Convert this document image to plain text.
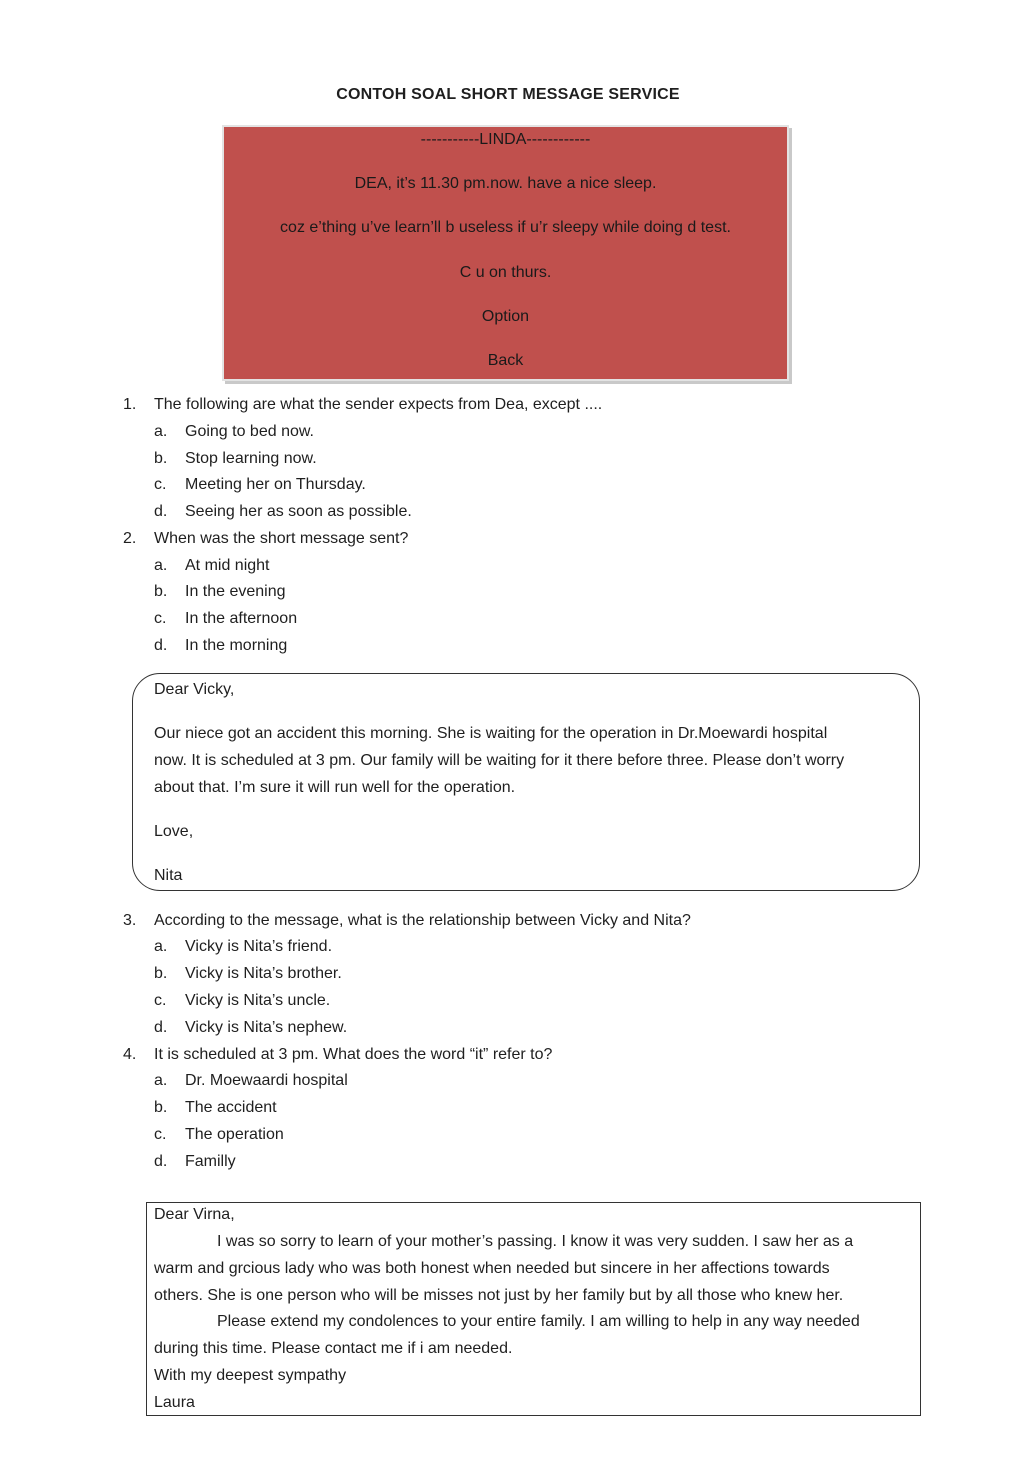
CONTOH SOAL SHORT MESSAGE SERVICE
-----------LINDA------------
DEA, it’s 11.30 pm.now. have a nice sleep.
coz e’thing u’ve learn’ll b useless if u’r sleepy while doing d test.
C u on thurs.
Option
Back
1. The following are what the sender expects from Dea, except ....
a. Going to bed now.
b. Stop learning now.
c. Meeting her on Thursday.
d. Seeing her as soon as possible.
2. When was the short message sent?
a. At mid night
b. In the evening
c. In the afternoon
d. In the morning
Dear Vicky,
Our niece got an accident this morning. She is waiting for the operation in Dr.Moewardi hospital
now. It is scheduled at 3 pm. Our family will be waiting for it there before three. Please don’t worry
about that. I’m sure it will run well for the operation.
Love,
Nita
3. According to the message, what is the relationship between Vicky and Nita?
a. Vicky is Nita’s friend.
b. Vicky is Nita’s brother.
c. Vicky is Nita’s uncle.
d. Vicky is Nita’s nephew.
4. It is scheduled at 3 pm. What does the word “it” refer to?
a. Dr. Moewaardi hospital
b. The accident
c. The operation
d. Familly
Dear Virna,
I was so sorry to learn of your mother’s passing. I know it was very sudden. I saw her as a
warm and grcious lady who was both honest when needed but sincere in her affections towards
others. She is one person who will be misses not just by her family but by all those who knew her.
Please extend my condolences to your entire family. I am willing to help in any way needed
during this time. Please contact me if i am needed.
With my deepest sympathy
Laura
